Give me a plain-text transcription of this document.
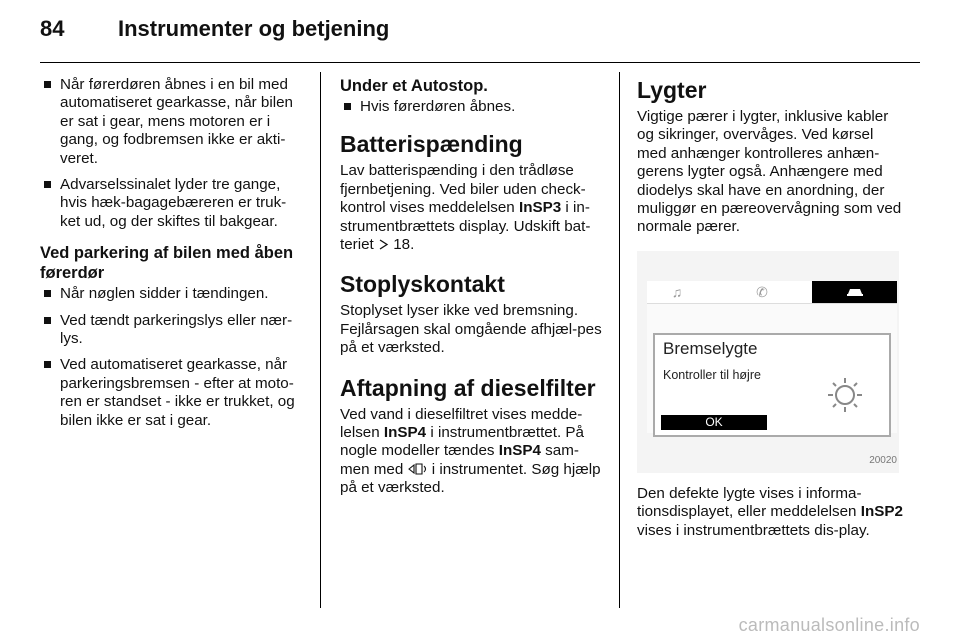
84 Instrumenter og betjening
Når førerdøren åbnes i en bil med automatiseret gearkasse, når bilen er sat i gear, mens motoren er i gang, og fodbremsen ikke er akti-veret.
Advarselssinalet lyder tre gange, hvis hæk-bagagebæreren er truk-ket ud, og der skiftes til bakgear.
Ved parkering af bilen med åben førerdør
Når nøglen sidder i tændingen.
Ved tændt parkeringslys eller nær-lys.
Ved automatiseret gearkasse, når parkeringsbremsen - efter at moto-ren er standset - ikke er trukket, og bilen ikke er sat i gear.
Under et Autostop.
Hvis førerdøren åbnes.
Batterispænding

Lav batterispænding i den trådløse fjernbetjening. Ved biler uden check-kontrol vises meddelelsen InSP3 i in-strumentbrættets display. Udskift bat-teriet  18.

Stoplyskontakt

Stoplyset lyser ikke ved bremsning. Fejlårsagen skal omgående afhjæl-pes på et værksted.

Aftapning af dieselfilter

Ved vand i dieselfiltret vises medde-lelsen InSP4 i instrumentbrættet. På nogle modeller tændes InSP4 sam-men med  i instrumentet. Søg hjælp på et værksted.

Lygter

Vigtige pærer i lygter, inklusive kabler og sikringer, overvåges. Ved kørsel med anhænger kontrolleres anhæn-gerens lygter også. Anhængere med diodelys skal have en anordning, der muliggør en pæreovervågning som ved normale pærer.

♫	✆
Bremselygte
Kontroller til højre
OK
20020

Den defekte lygte vises i informa-tionsdisplayet, eller meddelelsen InSP2 vises i instrumentbrættets dis-play.

carmanualsonline.info
